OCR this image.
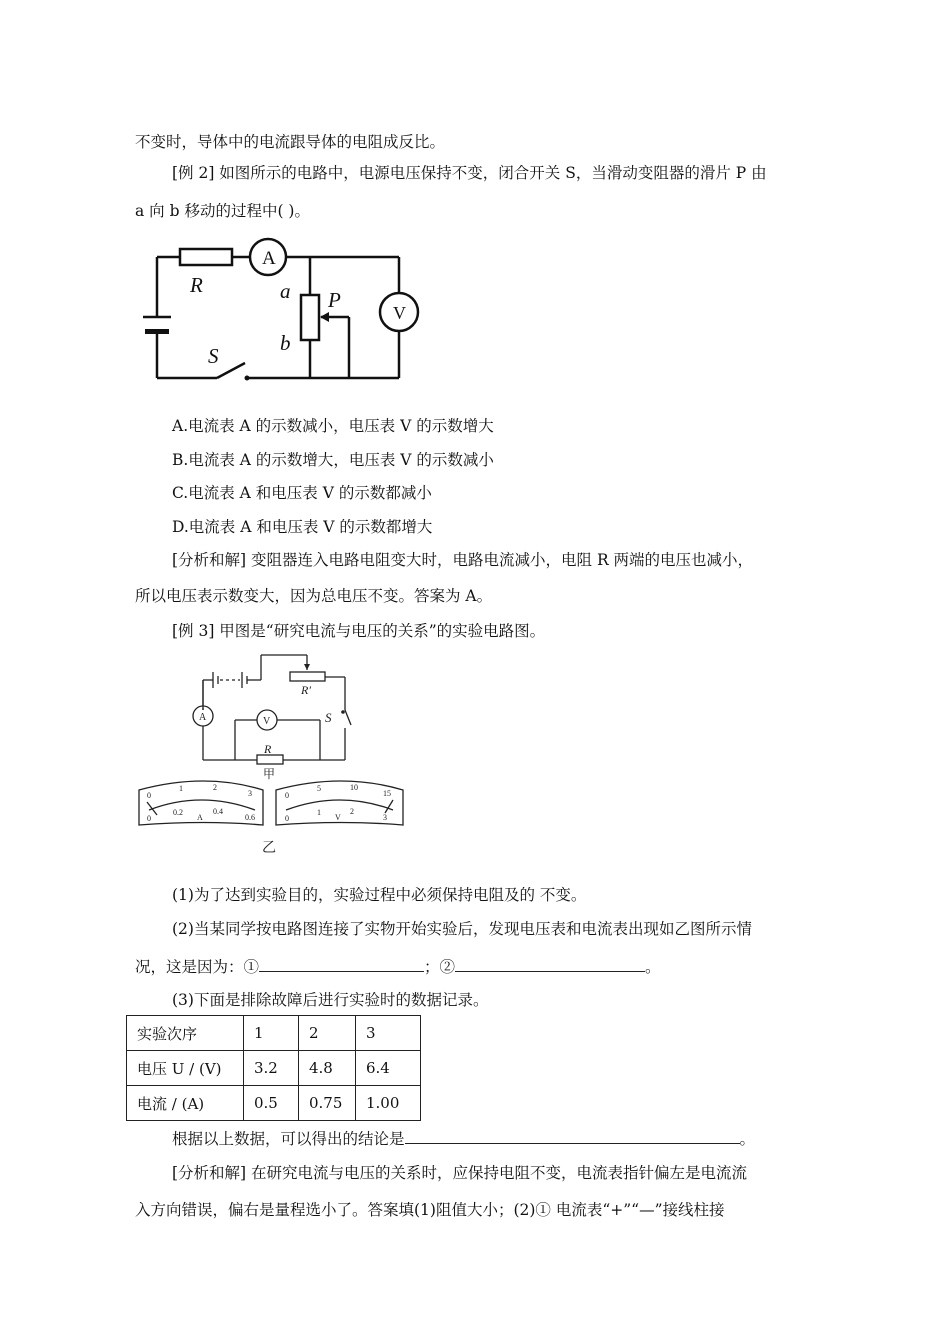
不变时，导体中的电流跟导体的电阻成反比。
[例 2] 如图所示的电路中，电源电压保持不变，闭合开关 S，当滑动变阻器的滑片 P 由
a 向 b 移动的过程中( )。
R
A
V
a
b
P
S
A.电流表 A 的示数减小，电压表 V 的示数增大
B.电流表 A 的示数增大，电压表 V 的示数减小
C.电流表 A 和电压表 V 的示数都减小
D.电流表 A 和电压表 V 的示数都增大
[分析和解] 变阻器连入电路电阻变大时，电路电流减小，电阻 R 两端的电压也减小，
所以电压表示数变大，因为总电压不变。答案为 A。
[例 3] 甲图是“研究电流与电压的关系”的实验电路图。
A	V
R
R′
S
甲
乙
0
1	2
3
0
0.2	0.4
0.6
A
0
5	10
15
0
1	2
3
V
(1)为了达到实验目的，实验过程中必须保持电阻及的 不变。
(2)当某同学按电路图连接了实物开始实验后，发现电压表和电流表出现如乙图所示情
况，这是因为：①	；②	。
(3)下面是排除故障后进行实验时的数据记录。
实验次序	1	2	3
电压 U / (V)	3.2	4.8	6.4
电流 / (A)	0.5	0.75	1.00
根据以上数据，可以得出的结论是	。
[分析和解] 在研究电流与电压的关系时，应保持电阻不变，电流表指针偏左是电流流
入方向错误，偏右是量程选小了。答案填(1)阻值大小；(2)① 电流表“+”“—”接线柱接
